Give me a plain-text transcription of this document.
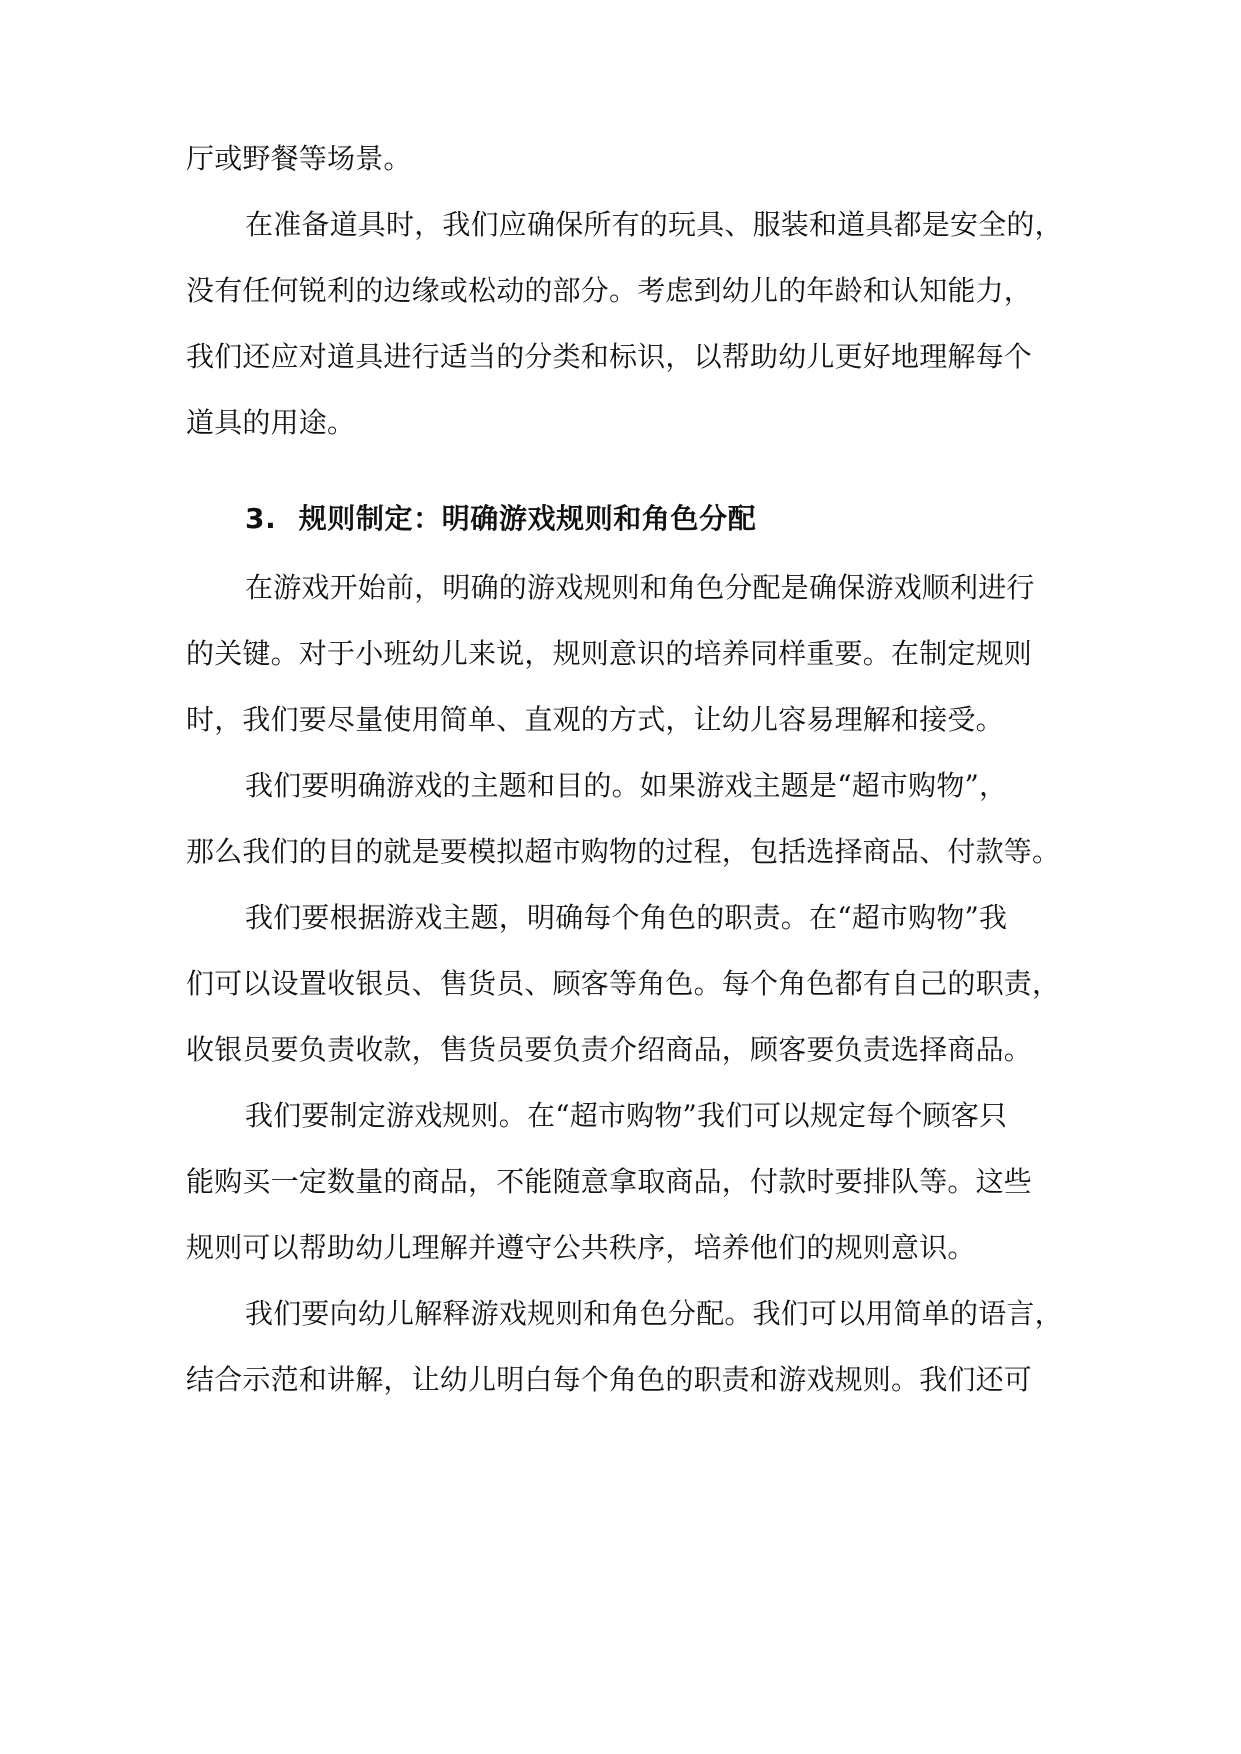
厅或野餐等场景。
在准备道具时，我们应确保所有的玩具、服装和道具都是安全的，
没有任何锐利的边缘或松动的部分。考虑到幼儿的年龄和认知能力，
我们还应对道具进行适当的分类和标识，以帮助幼儿更好地理解每个
道具的用途。
3. 规则制定：明确游戏规则和角色分配
在游戏开始前，明确的游戏规则和角色分配是确保游戏顺利进行
的关键。对于小班幼儿来说，规则意识的培养同样重要。在制定规则
时，我们要尽量使用简单、直观的方式，让幼儿容易理解和接受。
我们要明确游戏的主题和目的。如果游戏主题是“超市购物”，
那么我们的目的就是要模拟超市购物的过程，包括选择商品、付款等。
我们要根据游戏主题，明确每个角色的职责。在“超市购物”我
们可以设置收银员、售货员、顾客等角色。每个角色都有自己的职责，
收银员要负责收款，售货员要负责介绍商品，顾客要负责选择商品。
我们要制定游戏规则。在“超市购物”我们可以规定每个顾客只
能购买一定数量的商品，不能随意拿取商品，付款时要排队等。这些
规则可以帮助幼儿理解并遵守公共秩序，培养他们的规则意识。
我们要向幼儿解释游戏规则和角色分配。我们可以用简单的语言，
结合示范和讲解，让幼儿明白每个角色的职责和游戏规则。我们还可
